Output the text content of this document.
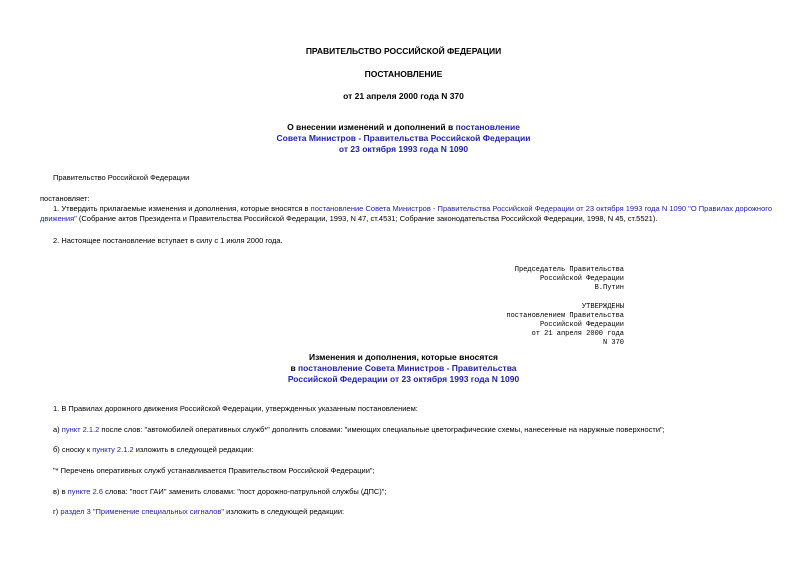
ПРАВИТЕЛЬСТВО РОССИЙСКОЙ ФЕДЕРАЦИИ
ПОСТАНОВЛЕНИЕ
от 21 апреля 2000 года N 370
О внесении изменений и дополнений в постановление
Совета Министров - Правительства Российской Федерации
от 23 октября 1993 года N 1090
Правительство Российской Федерации
постановляет:
1. Утвердить прилагаемые изменения и дополнения, которые вносятся в постановление Совета Министров - Правительства Российской Федерации от 23 октября 1993 года N 1090 "О Правилах дорожного движения" (Собрание актов Президента и Правительства Российской Федерации, 1993, N 47, ст.4531; Собрание законодательства Российской Федерации, 1998, N 45, ст.5521).
2. Настоящее постановление вступает в силу с 1 июля 2000 года.
Председатель Правительства
Российской Федерации
В.Путин
УТВЕРЖДЕНЫ
постановлением Правительства
Российской Федерации
от 21 апреля 2000 года
N 370
Изменения и дополнения, которые вносятся
в постановление Совета Министров - Правительства
Российской Федерации от 23 октября 1993 года N 1090
1. В Правилах дорожного движения Российской Федерации, утвержденных указанным постановлением:
а) пункт 2.1.2 после слов: "автомобилей оперативных служб*" дополнить словами: "имеющих специальные цветографические схемы, нанесенные на наружные поверхности";
б) сноску к пункту 2.1.2 изложить в следующей редакции:
"* Перечень оперативных служб устанавливается Правительством Российской Федерации";
в) в пункте 2.6 слова: "пост ГАИ" заменить словами: "пост дорожно-патрульной службы (ДПС)";
г) раздел 3 "Применение специальных сигналов" изложить в следующей редакции:
